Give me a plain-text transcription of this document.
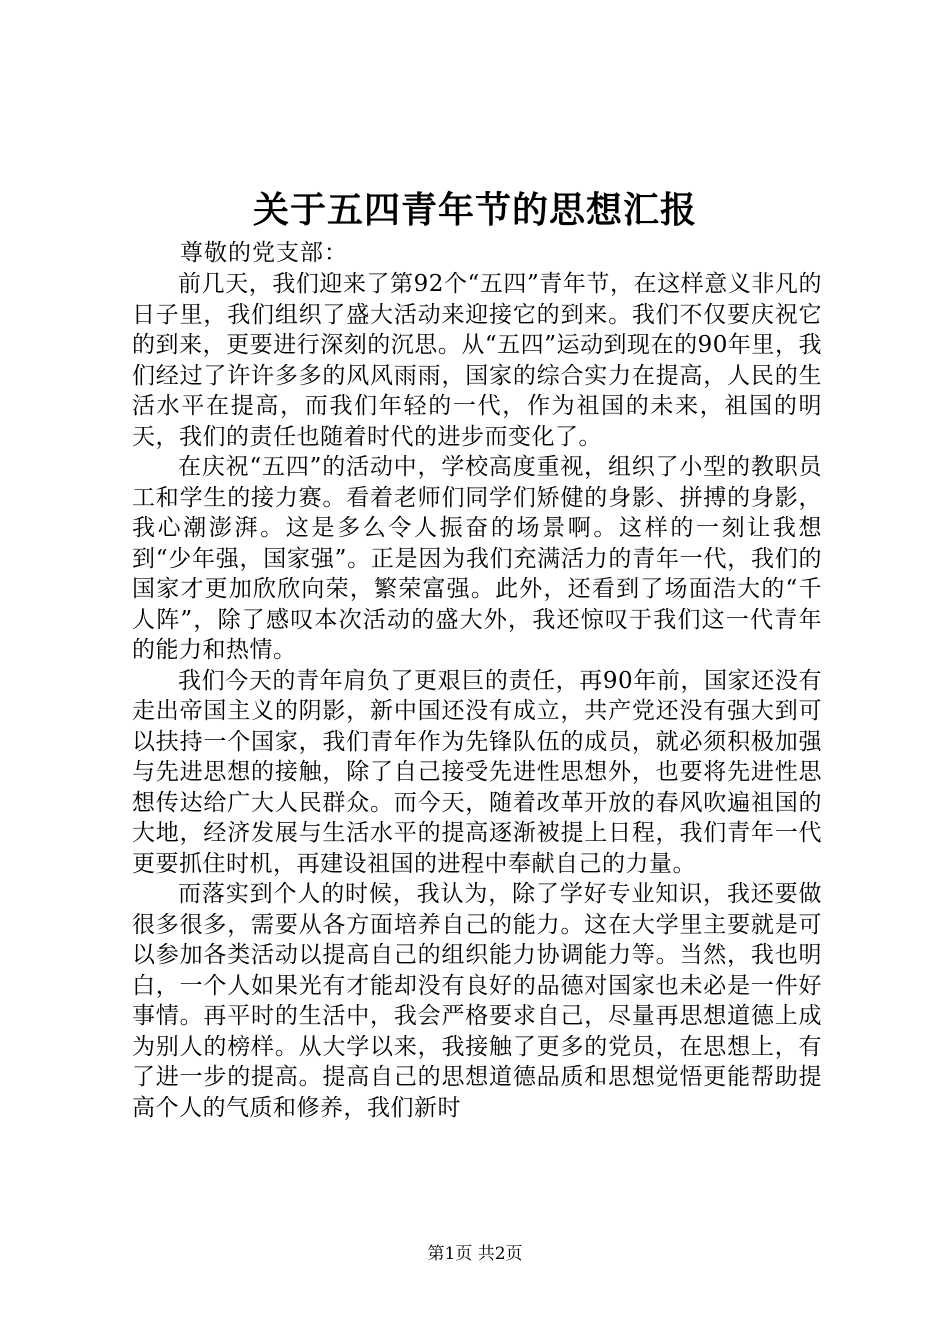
关于五四青年节的思想汇报
尊敬的党支部：

前几天，我们迎来了第92个“五四”青年节，在这样意义非凡的日子里，我们组织了盛大活动来迎接它的到来。我们不仅要庆祝它的到来，更要进行深刻的沉思。从“五四”运动到现在的90年里，我们经过了许许多多的风风雨雨，国家的综合实力在提高，人民的生活水平在提高，而我们年轻的一代，作为祖国的未来，祖国的明天，我们的责任也随着时代的进步而变化了。

在庆祝“五四”的活动中，学校高度重视，组织了小型的教职员工和学生的接力赛。看着老师们同学们矫健的身影、拼搏的身影，我心潮澎湃。这是多么令人振奋的场景啊。这样的一刻让我想到“少年强，国家强”。正是因为我们充满活力的青年一代，我们的国家才更加欣欣向荣，繁荣富强。此外，还看到了场面浩大的“千人阵”，除了感叹本次活动的盛大外，我还惊叹于我们这一代青年的能力和热情。

我们今天的青年肩负了更艰巨的责任，再90年前，国家还没有走出帝国主义的阴影，新中国还没有成立，共产党还没有强大到可以扶持一个国家，我们青年作为先锋队伍的成员，就必须积极加强与先进思想的接触，除了自己接受先进性思想外，也要将先进性思想传达给广大人民群众。而今天，随着改革开放的春风吹遍祖国的大地，经济发展与生活水平的提高逐渐被提上日程，我们青年一代更要抓住时机，再建设祖国的进程中奉献自己的力量。

而落实到个人的时候，我认为，除了学好专业知识，我还要做很多很多，需要从各方面培养自己的能力。这在大学里主要就是可以参加各类活动以提高自己的组织能力协调能力等。当然，我也明白，一个人如果光有才能却没有良好的品德对国家也未必是一件好事情。再平时的生活中，我会严格要求自己，尽量再思想道德上成为别人的榜样。从大学以来，我接触了更多的党员，在思想上，有了进一步的提高。提高自己的思想道德品质和思想觉悟更能帮助提高个人的气质和修养，我们新时

第1页 共2页
